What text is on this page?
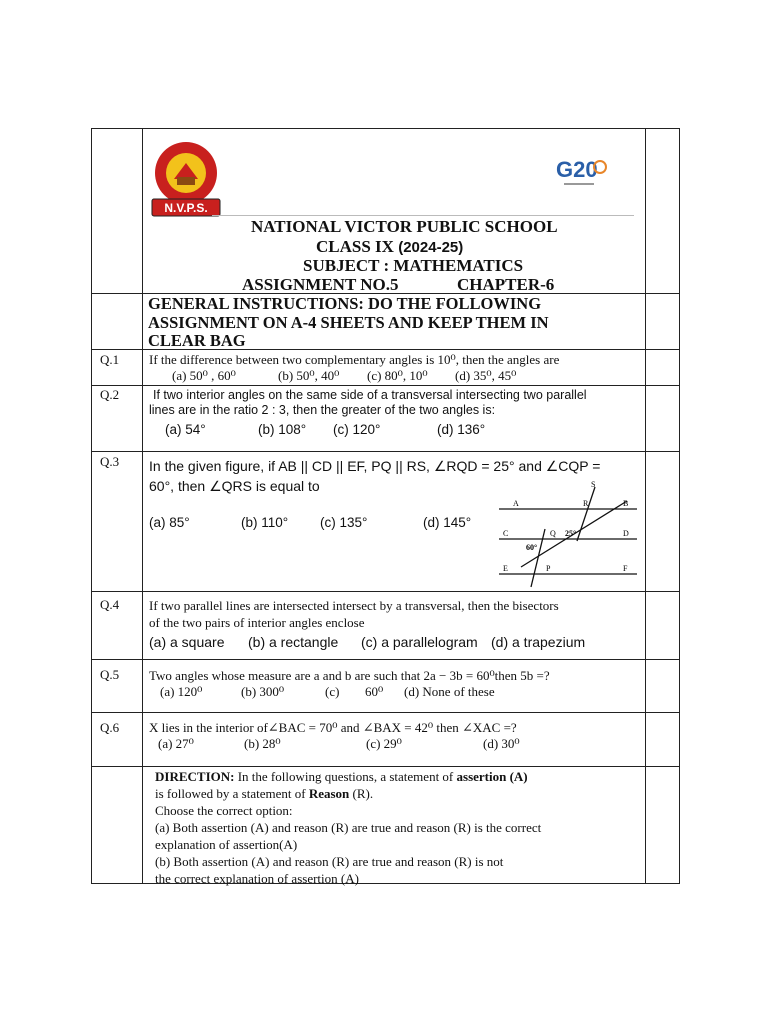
N.V.P.S.
G20
NATIONAL VICTOR PUBLIC SCHOOL
CLASS IX (2024-25)
SUBJECT : MATHEMATICS
ASSIGNMENT NO.5	CHAPTER-6
GENERAL INSTRUCTIONS: DO THE FOLLOWING
ASSIGNMENT ON A-4 SHEETS AND KEEP THEM IN
CLEAR BAG
Q.1 If the difference between two complementary angles is 10⁰, then the angles are
(a) 50⁰ , 60⁰	(b) 50⁰, 40⁰ (c) 80⁰, 10⁰ (d) 35⁰, 45⁰
Q.2	If two interior angles on the same side of a transversal intersecting two parallel
lines are in the ratio 2 : 3, then the greater of the two angles is:
(a) 54°	(b) 108° (c) 120°	(d) 136°
Q.3 In the given figure, if AB || CD || EF, PQ || RS, ∠RQD = 25° and ∠CQP =
60°, then ∠QRS is equal to
(a) 85°	(b) 110° (c) 135°	(d) 145°
A	B
C	D
E	F
R
S
Q
P
25°
60°
Q.4 If two parallel lines are intersected intersect by a transversal, then the bisectors
of the two pairs of interior angles enclose
(a) a square (b) a rectangle (c) a parallelogram (d) a trapezium
Q.5 Two angles whose measure are a and b are such that 2a − 3b = 60⁰then 5b =?
(a) 120⁰	(b) 300⁰	(c) 60⁰ (d) None of these
Q.6 X lies in the interior of∠BAC = 70⁰ and ∠BAX = 42⁰ then ∠XAC =?
(a) 27⁰	(b) 28⁰	(c) 29⁰	(d) 30⁰
DIRECTION: In the following questions, a statement of assertion (A)
is followed by a statement of Reason (R).
Choose the correct option:
(a) Both assertion (A) and reason (R) are true and reason (R) is the correct
explanation of assertion(A)
(b) Both assertion (A) and reason (R) are true and reason (R) is not
the correct explanation of assertion (A)
